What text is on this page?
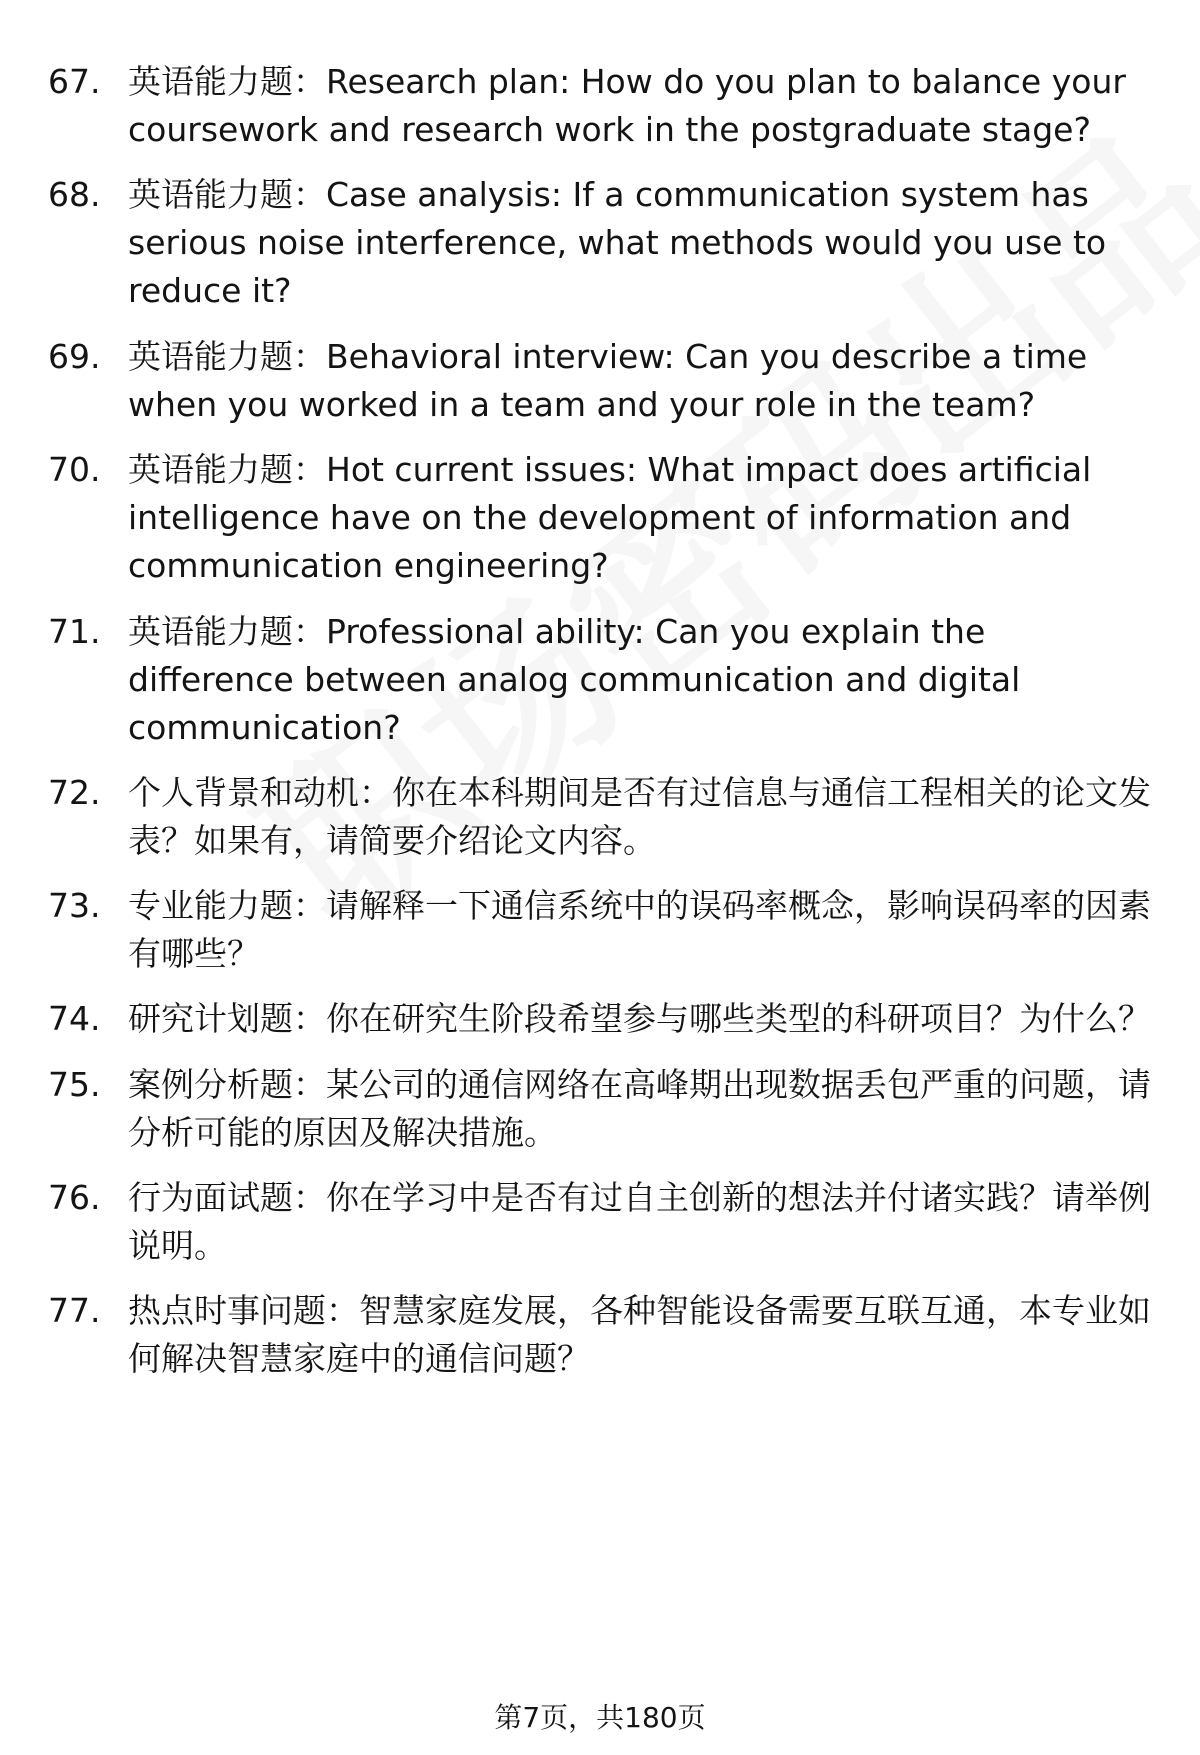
67. 英语能力题：Research plan: How do you plan to balance your coursework and research work in the postgraduate stage?
68. 英语能力题：Case analysis: If a communication system has serious noise interference, what methods would you use to reduce it?
69. 英语能力题：Behavioral interview: Can you describe a time when you worked in a team and your role in the team?
70. 英语能力题：Hot current issues: What impact does artificial intelligence have on the development of information and communication engineering?
71. 英语能力题：Professional ability: Can you explain the difference between analog communication and digital communication?
72. 个人背景和动机：你在本科期间是否有过信息与通信工程相关的论文发表？如果有，请简要介绍论文内容。
73. 专业能力题：请解释一下通信系统中的误码率概念，影响误码率的因素有哪些？
74. 研究计划题：你在研究生阶段希望参与哪些类型的科研项目？为什么？
75. 案例分析题：某公司的通信网络在高峰期出现数据丢包严重的问题，请分析可能的原因及解决措施。
76. 行为面试题：你在学习中是否有过自主创新的想法并付诸实践？请举例说明。
77. 热点时事问题：智慧家庭发展，各种智能设备需要互联互通，本专业如何解决智慧家庭中的通信问题？
第7页，共180页
